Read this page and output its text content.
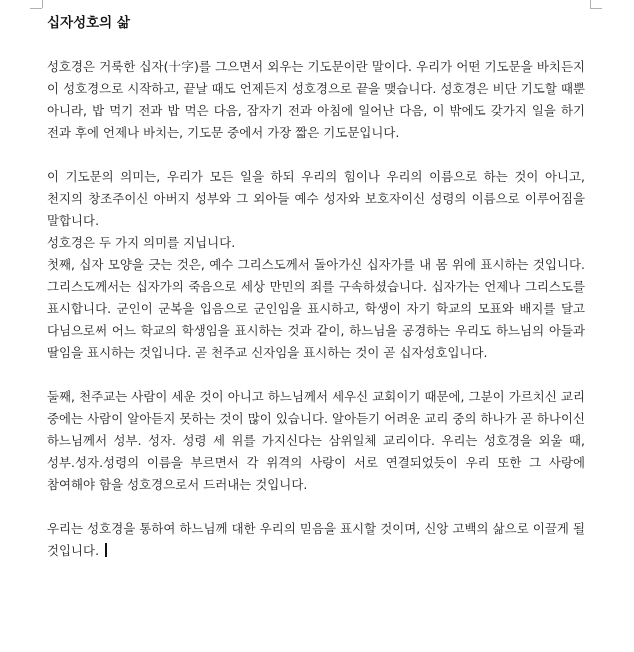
십자성호의 삶

성호경은 거룩한 십자(十字)를 그으면서 외우는 기도문이란 말이다. 우리가 어떤 기도문을 바치든지 이 성호경으로 시작하고, 끝날 때도 언제든지 성호경으로 끝을 맺습니다. 성호경은 비단 기도할 때뿐 아니라, 밥 먹기 전과 밥 먹은 다음, 잠자기 전과 아침에 일어난 다음, 이 밖에도 갖가지 일을 하기 전과 후에 언제나 바치는, 기도문 중에서 가장 짧은 기도문입니다.

이 기도문의 의미는, 우리가 모든 일을 하되 우리의 힘이나 우리의 이름으로 하는 것이 아니고, 천지의 창조주이신 아버지 성부와 그 외아들 예수 성자와 보호자이신 성령의 이름으로 이루어짐을 말합니다.

성호경은 두 가지 의미를 지닙니다.

첫째, 십자 모양을 긋는 것은, 예수 그리스도께서 돌아가신 십자가를 내 몸 위에 표시하는 것입니다. 그리스도께서는 십자가의 죽음으로 세상 만민의 죄를 구속하셨습니다. 십자가는 언제나 그리스도를 표시합니다. 군인이 군복을 입음으로 군인임을 표시하고, 학생이 자기 학교의 모표와 배지를 달고 다님으로써 어느 학교의 학생임을 표시하는 것과 같이, 하느님을 공경하는 우리도 하느님의 아들과 딸임을 표시하는 것입니다. 곧 천주교 신자임을 표시하는 것이 곧 십자성호입니다.

둘째, 천주교는 사람이 세운 것이 아니고 하느님께서 세우신 교회이기 때문에, 그분이 가르치신 교리 중에는 사람이 알아듣지 못하는 것이 많이 있습니다. 알아듣기 어려운 교리 중의 하나가 곧 하나이신 하느님께서 성부. 성자. 성령 세 위를 가지신다는 삼위일체 교리이다. 우리는 성호경을 외울 때, 성부.성자.성령의 이름을 부르면서 각 위격의 사랑이 서로 연결되었듯이 우리 또한 그 사랑에 참여해야 함을 성호경으로서 드러내는 것입니다.

우리는 성호경을 통하여 하느님께 대한 우리의 믿음을 표시할 것이며, 신앙 고백의 삶으로 이끌게 될 것입니다.
